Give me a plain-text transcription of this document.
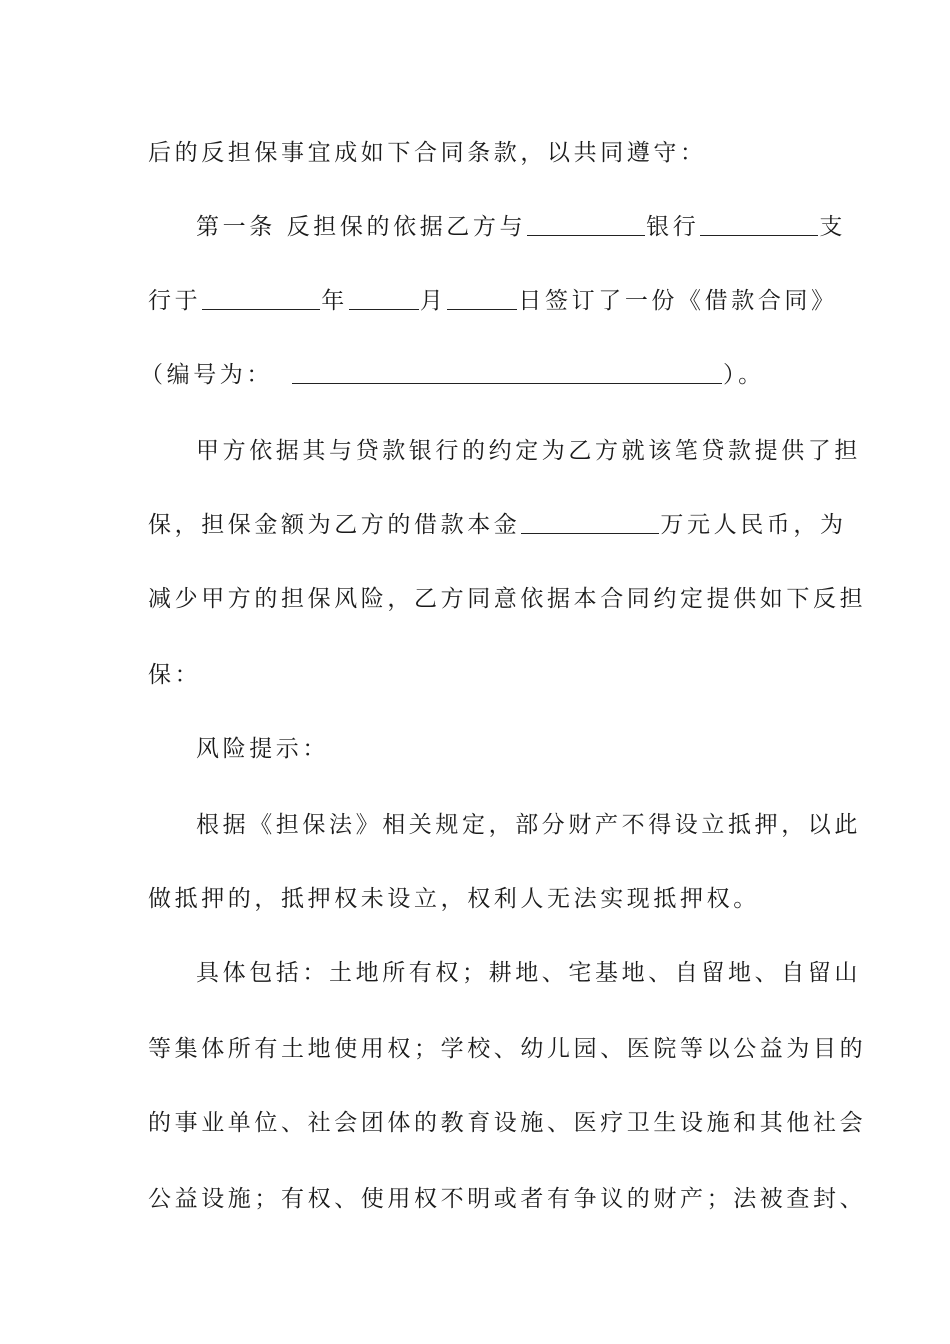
后的反担保事宜成如下合同条款，以共同遵守：
第一条 反担保的依据乙方与	银行	支
行于	年	月	日签订了一份《借款合同》
（编号为：	）。
甲方依据其与贷款银行的约定为乙方就该笔贷款提供了担
保，担保金额为乙方的借款本金	万元人民币，为
减少甲方的担保风险，乙方同意依据本合同约定提供如下反担
保：
风险提示：
根据《担保法》相关规定，部分财产不得设立抵押，以此
做抵押的，抵押权未设立，权利人无法实现抵押权。
具体包括：土地所有权；耕地、宅基地、自留地、自留山
等集体所有土地使用权；学校、幼儿园、医院等以公益为目的
的事业单位、社会团体的教育设施、医疗卫生设施和其他社会
公益设施；有权、使用权不明或者有争议的财产；法被查封、
